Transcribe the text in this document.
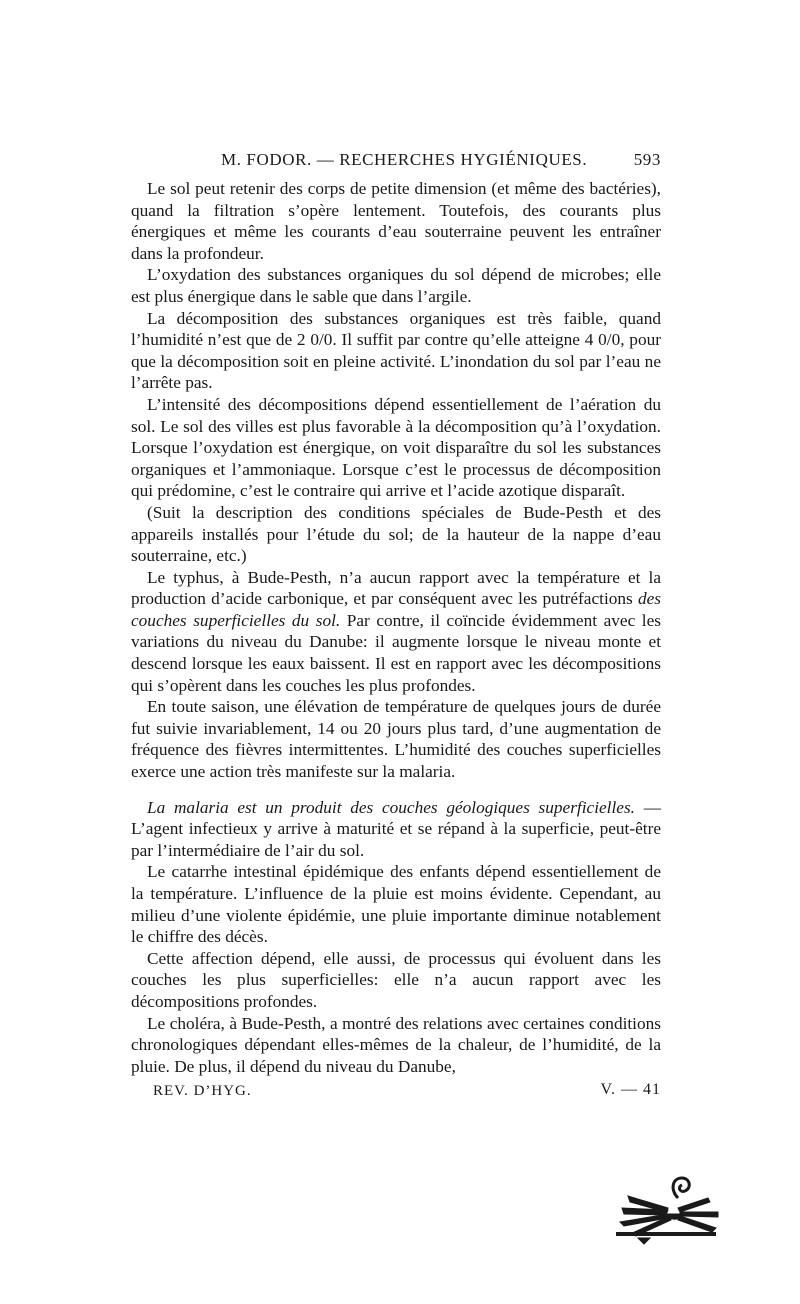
M. FODOR. — RECHERCHES HYGIÉNIQUES.	593

Le sol peut retenir des corps de petite dimension (et même des bactéries), quand la filtration s’opère lentement. Toutefois, des courants plus énergiques et même les courants d’eau souterraine peuvent les entraîner dans la profondeur.

L’oxydation des substances organiques du sol dépend de microbes; elle est plus énergique dans le sable que dans l’argile.

La décomposition des substances organiques est très faible, quand l’humidité n’est que de 2 0/0. Il suffit par contre qu’elle atteigne 4 0/0, pour que la décomposition soit en pleine activité. L’inondation du sol par l’eau ne l’arrête pas.

L’intensité des décompositions dépend essentiellement de l’aération du sol. Le sol des villes est plus favorable à la décomposition qu’à l’oxydation. Lorsque l’oxydation est énergique, on voit disparaître du sol les substances organiques et l’ammoniaque. Lorsque c’est le processus de décomposition qui prédomine, c’est le contraire qui arrive et l’acide azotique disparaît.

(Suit la description des conditions spéciales de Bude-Pesth et des appareils installés pour l’étude du sol; de la hauteur de la nappe d’eau souterraine, etc.)

Le typhus, à Bude-Pesth, n’a aucun rapport avec la température et la production d’acide carbonique, et par conséquent avec les putréfactions des couches superficielles du sol. Par contre, il coïncide évidemment avec les variations du niveau du Danube: il augmente lorsque le niveau monte et descend lorsque les eaux baissent. Il est en rapport avec les décompositions qui s’opèrent dans les couches les plus profondes.

En toute saison, une élévation de température de quelques jours de durée fut suivie invariablement, 14 ou 20 jours plus tard, d’une augmentation de fréquence des fièvres intermittentes. L’humidité des couches superficielles exerce une action très manifeste sur la malaria.

La malaria est un produit des couches géologiques superficielles. — L’agent infectieux y arrive à maturité et se répand à la superficie, peut-être par l’intermédiaire de l’air du sol.

Le catarrhe intestinal épidémique des enfants dépend essentiellement de la température. L’influence de la pluie est moins évidente. Cependant, au milieu d’une violente épidémie, une pluie importante diminue notablement le chiffre des décès.

Cette affection dépend, elle aussi, de processus qui évoluent dans les couches les plus superficielles: elle n’a aucun rapport avec les décompositions profondes.

Le choléra, à Bude-Pesth, a montré des relations avec certaines conditions chronologiques dépendant elles-mêmes de la chaleur, de l’humidité, de la pluie. De plus, il dépend du niveau du Danube,

REV. D’HYG.	V. — 41
